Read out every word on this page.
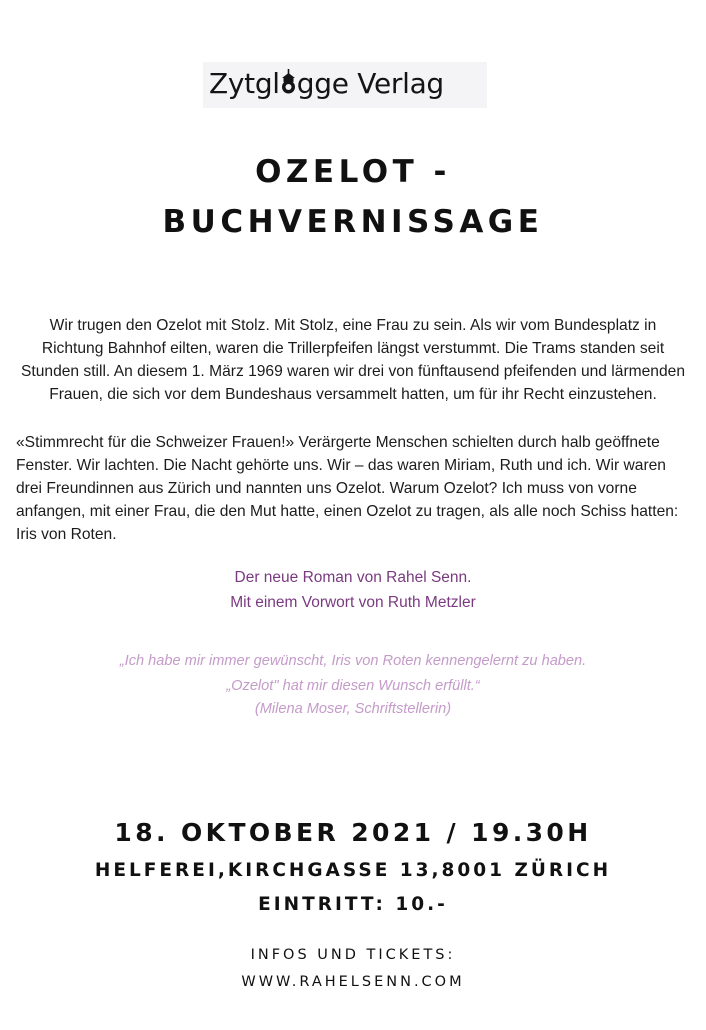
Zytgl gge Verlag
OZELOT -
BUCHVERNISSAGE
Wir trugen den Ozelot mit Stolz. Mit Stolz, eine Frau zu sein. Als wir vom Bundesplatz in Richtung Bahnhof eilten, waren die Trillerpfeifen längst verstummt. Die Trams standen seit Stunden still. An diesem 1. März 1969 waren wir drei von fünftausend pfeifenden und lärmenden Frauen, die sich vor dem Bundeshaus versammelt hatten, um für ihr Recht einzustehen.
«Stimmrecht für die Schweizer Frauen!» Verärgerte Menschen schielten durch halb geöffnete Fenster. Wir lachten. Die Nacht gehörte uns. Wir – das waren Miriam, Ruth und ich. Wir waren drei Freundinnen aus Zürich und nannten uns Ozelot. Warum Ozelot? Ich muss von vorne anfangen, mit einer Frau, die den Mut hatte, einen Ozelot zu tragen, als alle noch Schiss hatten: Iris von Roten.
Der neue Roman von Rahel Senn.
Mit einem Vorwort von Ruth Metzler
„Ich habe mir immer gewünscht, Iris von Roten kennengelernt zu haben.
„Ozelot" hat mir diesen Wunsch erfüllt.“
(Milena Moser, Schriftstellerin)
18. OKTOBER 2021 / 19.30H
HELFEREI,KIRCHGASSE 13,8001 ZÜRICH
EINTRITT: 10.-
INFOS UND TICKETS:
WWW.RAHELSENN.COM
